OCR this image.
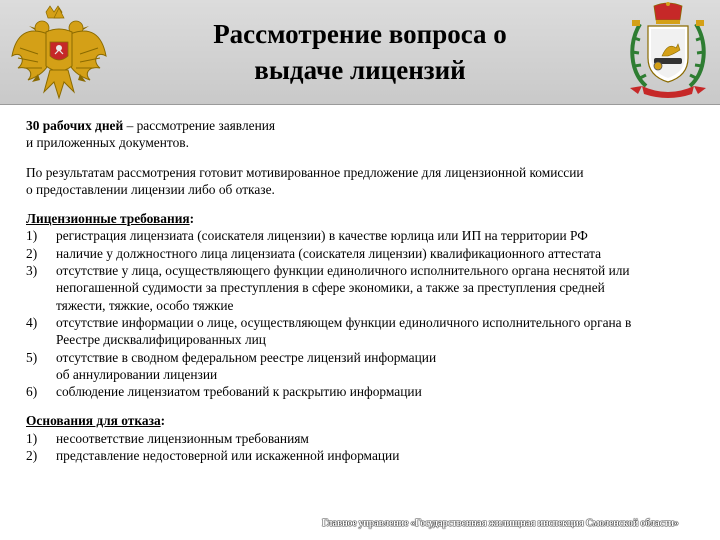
Рассмотрение вопроса о
выдаче лицензий
30 рабочих дней – рассмотрение заявления
и приложенных документов.
По результатам рассмотрения готовит мотивированное предложение для лицензионной комиссии
о предоставлении лицензии либо об отказе.
Лицензионные требования:
1) регистрация лицензиата (соискателя лицензии) в качестве юрлица или ИП на территории РФ
2) наличие у должностного лица лицензиата (соискателя лицензии) квалификационного аттестата
3) отсутствие у лица, осуществляющего функции единоличного исполнительного органа неснятой или
непогашенной судимости за преступления в сфере экономики, а также за преступления средней
тяжести, тяжкие, особо тяжкие
4) отсутствие информации о лице, осуществляющем функции единоличного исполнительного органа в
Реестре дисквалифицированных лиц
5) отсутствие в сводном федеральном реестре лицензий информации
об аннулировании лицензии
6) соблюдение лицензиатом требований к раскрытию информации
Основания для отказа:
1) несоответствие лицензионным требованиям
2) представление недостоверной или искаженной информации
Главное управление «Государственная жилищная инспекция Смоленской области»
